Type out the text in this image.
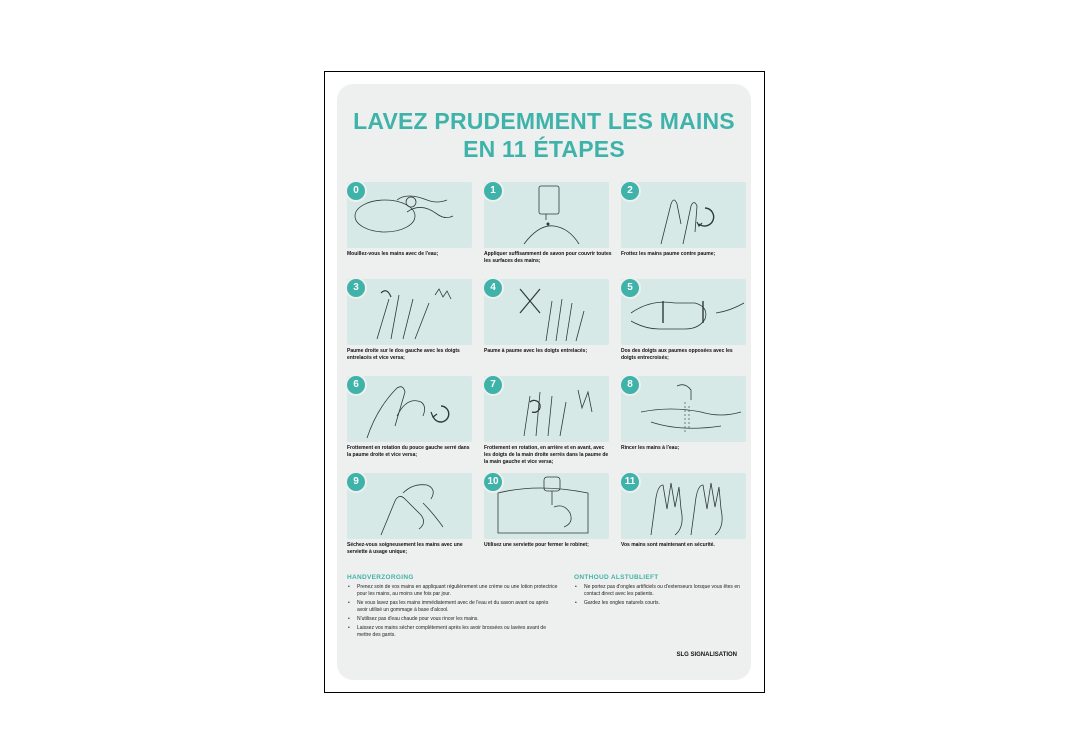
LAVEZ PRUDEMMENT LES MAINS
EN 11 ÉTAPES
0
Mouillez-vous les mains avec de l'eau;
1
Appliquer suffisamment de savon pour couvrir toutes les surfaces des mains;
2
Frottez les mains paume contre paume;
3
Paume droite sur le dos gauche avec les doigts entrelacés et vice versa;
4
Paume à paume avec les doigts entrelacés;
5
Dos des doigts aux paumes opposées avec les doigts entrecroisés;
6
Frottement en rotation du pouce gauche serré dans la paume droite et vice versa;
7
Frottement en rotation, en arrière et en avant, avec les doigts de la main droite serrés dans la paume de la main gauche et vice versa;
8
Rincer les mains à l'eau;
9
Séchez-vous soigneusement les mains avec une serviette à usage unique;
10
Utilisez une serviette pour fermer le robinet;
11
Vos mains sont maintenant en sécurité.
HANDVERZORGING
• Prenez soin de vos mains en appliquant régulièrement une crème ou une lotion protectrice pour les mains, au moins une fois par jour.
• Ne vous lavez pas les mains immédiatement avec de l'eau et du savon avant ou après avoir utilisé un gommage à base d'alcool.
• N'utilisez pas d'eau chaude pour vous rincer les mains.
• Laissez vos mains sécher complètement après les avoir brossées ou lavées avant de mettre des gants.
ONTHOUD ALSTUBLIEFT
• Ne portez pas d'ongles artificiels ou d'extenseurs lorsque vous êtes en contact direct avec les patients.
• Gardez les ongles naturels courts.
SLG SIGNALISATION
